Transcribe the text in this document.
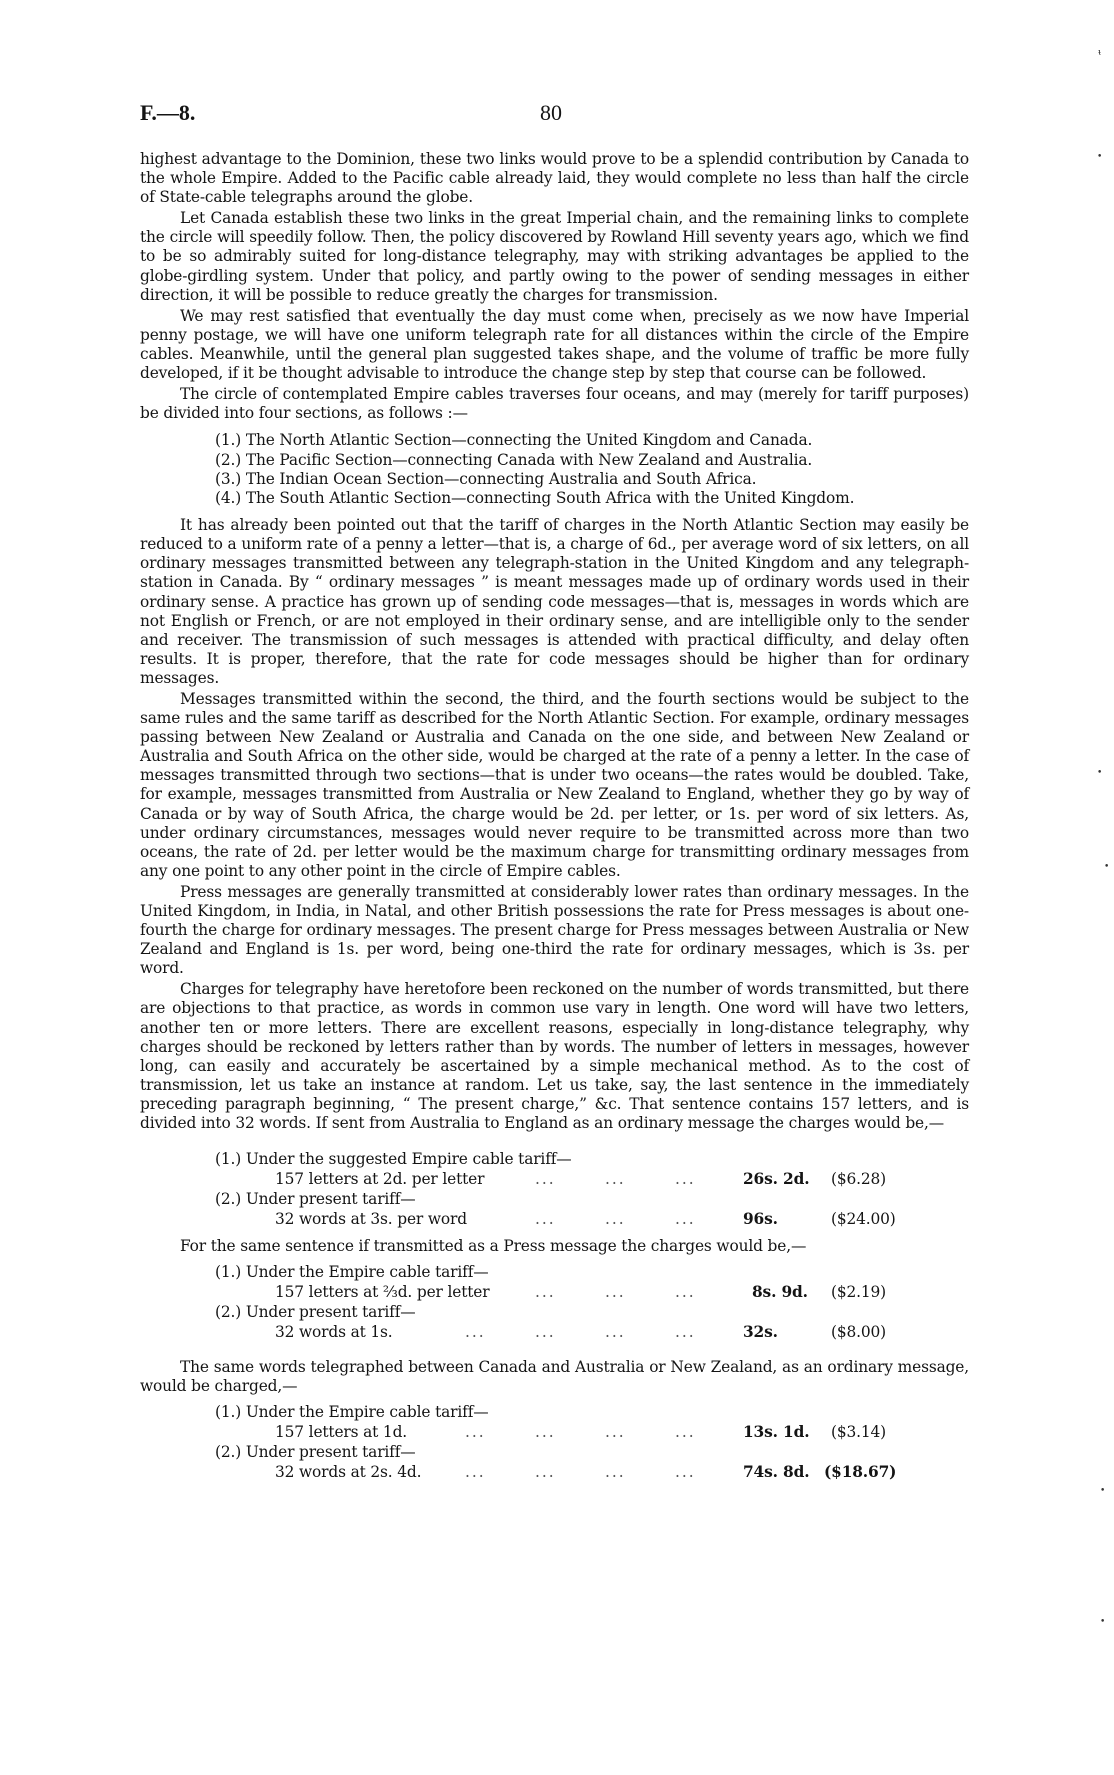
F.—8.	80
ᵼ
•
•
•
•
•

highest advantage to the Dominion, these two links would prove to be a splendid contribution by Canada to the whole Empire. Added to the Pacific cable already laid, they would complete no less than half the circle of State-cable telegraphs around the globe.

Let Canada establish these two links in the great Imperial chain, and the remaining links to complete the circle will speedily follow. Then, the policy discovered by Rowland Hill seventy years ago, which we find to be so admirably suited for long-distance telegraphy, may with striking advantages be applied to the globe-girdling system. Under that policy, and partly owing to the power of sending messages in either direction, it will be possible to reduce greatly the charges for transmission.

We may rest satisfied that eventually the day must come when, precisely as we now have Imperial penny postage, we will have one uniform telegraph rate for all distances within the circle of the Empire cables. Meanwhile, until the general plan suggested takes shape, and the volume of traffic be more fully developed, if it be thought advisable to introduce the change step by step that course can be followed.

The circle of contemplated Empire cables traverses four oceans, and may (merely for tariff purposes) be divided into four sections, as follows :—

(1.) The North Atlantic Section—connecting the United Kingdom and Canada.
(2.) The Pacific Section—connecting Canada with New Zealand and Australia.
(3.) The Indian Ocean Section—connecting Australia and South Africa.
(4.) The South Atlantic Section—connecting South Africa with the United Kingdom.

It has already been pointed out that the tariff of charges in the North Atlantic Section may easily be reduced to a uniform rate of a penny a letter—that is, a charge of 6d., per average word of six letters, on all ordinary messages transmitted between any telegraph-station in the United Kingdom and any telegraph-station in Canada. By “ ordinary messages ” is meant messages made up of ordinary words used in their ordinary sense. A practice has grown up of sending code messages—that is, messages in words which are not English or French, or are not employed in their ordinary sense, and are intelligible only to the sender and receiver. The transmission of such messages is attended with practical difficulty, and delay often results. It is proper, therefore, that the rate for code messages should be higher than for ordinary messages.

Messages transmitted within the second, the third, and the fourth sections would be subject to the same rules and the same tariff as described for the North Atlantic Section. For example, ordinary messages passing between New Zealand or Australia and Canada on the one side, and between New Zealand or Australia and South Africa on the other side, would be charged at the rate of a penny a letter. In the case of messages transmitted through two sections—that is under two oceans—the rates would be doubled. Take, for example, messages transmitted from Australia or New Zealand to England, whether they go by way of Canada or by way of South Africa, the charge would be 2d. per letter, or 1s. per word of six letters. As, under ordinary circumstances, messages would never require to be transmitted across more than two oceans, the rate of 2d. per letter would be the maximum charge for transmitting ordinary messages from any one point to any other point in the circle of Empire cables.

Press messages are generally transmitted at considerably lower rates than ordinary messages. In the United Kingdom, in India, in Natal, and other British possessions the rate for Press messages is about one-fourth the charge for ordinary messages. The present charge for Press messages between Australia or New Zealand and England is 1s. per word, being one-third the rate for ordinary messages, which is 3s. per word.

Charges for telegraphy have heretofore been reckoned on the number of words transmitted, but there are objections to that practice, as words in common use vary in length. One word will have two letters, another ten or more letters. There are excellent reasons, especially in long-distance telegraphy, why charges should be reckoned by letters rather than by words. The number of letters in messages, however long, can easily and accurately be ascertained by a simple mechanical method. As to the cost of transmission, let us take an instance at random. Let us take, say, the last sentence in the immediately preceding paragraph beginning, “ The present charge,” &c. That sentence contains 157 letters, and is divided into 32 words. If sent from Australia to England as an ordinary message the charges would be,—

(1.) Under the suggested Empire cable tariff—
157 letters at 2d. per letter	...	...	...	26s. 2d. ($6.28)
(2.) Under present tariff—
32 words at 3s. per word	...	...	...	96s.	($24.00)

For the same sentence if transmitted as a Press message the charges would be,—

(1.) Under the Empire cable tariff—
157 letters at ⅔d. per letter	...	...	...	8s. 9d. ($2.19)
(2.) Under present tariff—
32 words at 1s.	...	...	...	...	32s.	($8.00)

The same words telegraphed between Canada and Australia or New Zealand, as an ordinary message, would be charged,—

(1.) Under the Empire cable tariff—
157 letters at 1d.	...	...	...	...	13s. 1d. ($3.14)
(2.) Under present tariff—
32 words at 2s. 4d.	...	...	...	...	74s. 8d. ($18.67)
